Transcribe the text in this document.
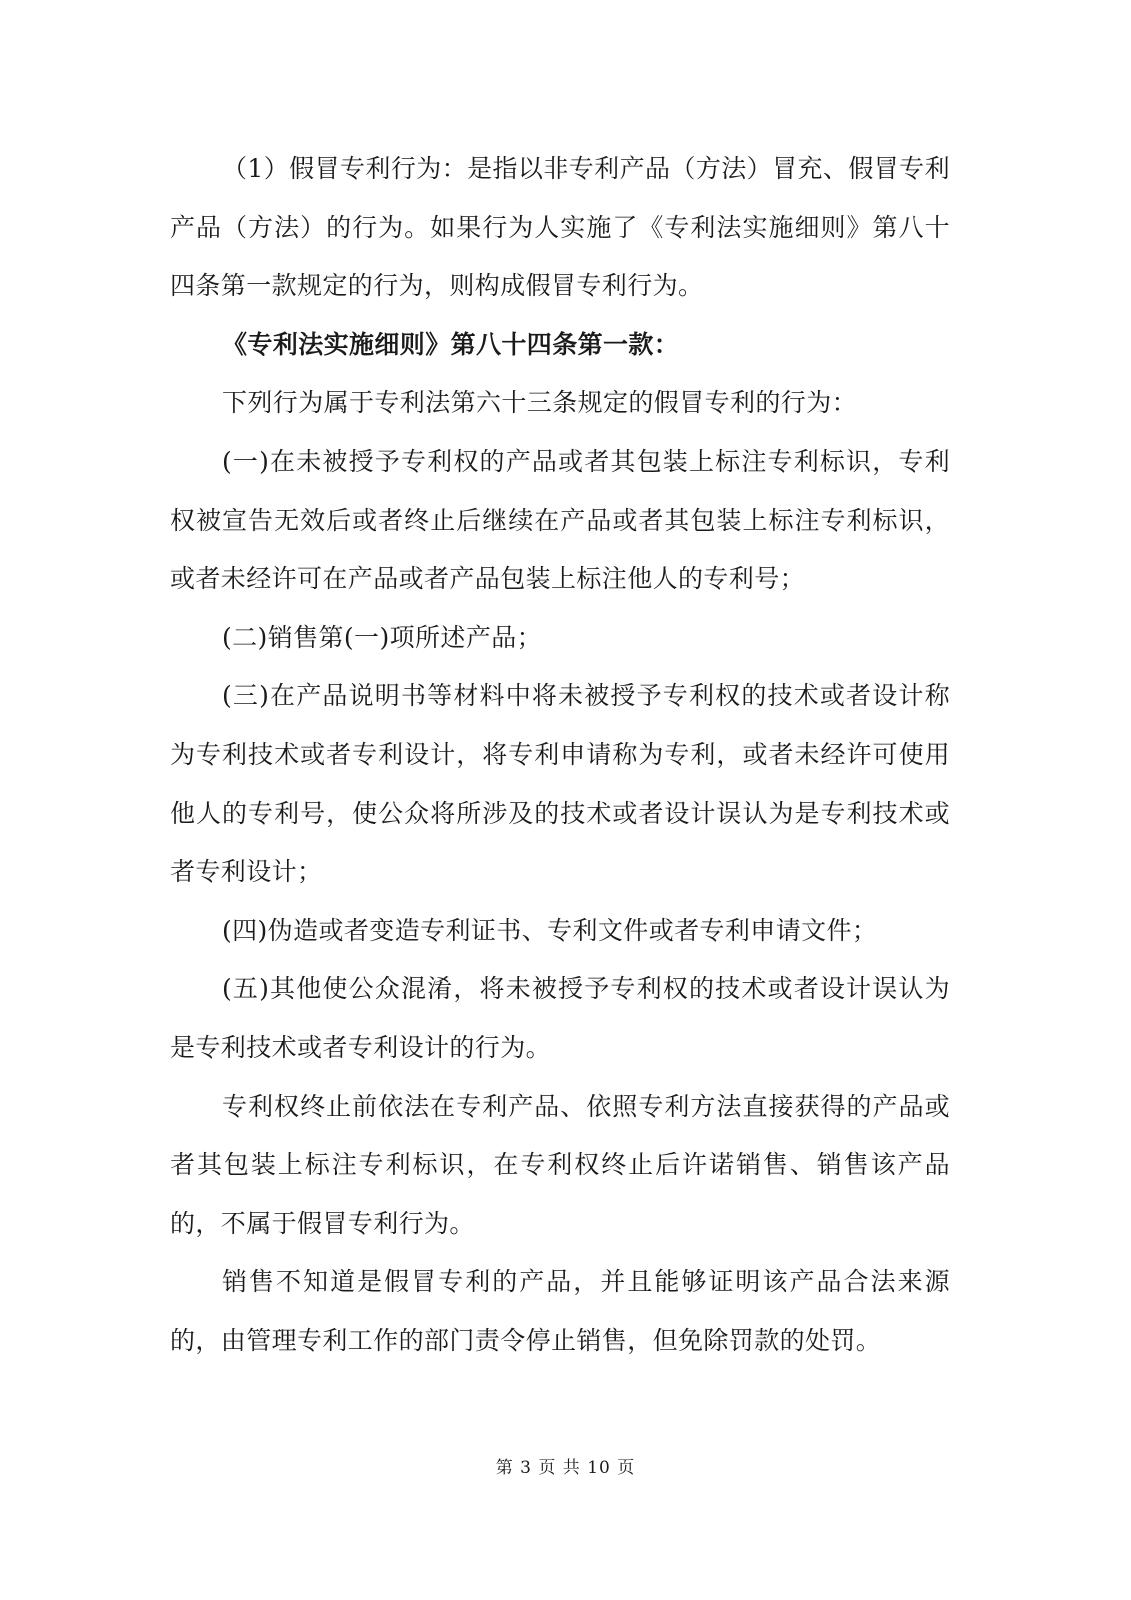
（1）假冒专利行为：是指以非专利产品（方法）冒充、假冒专利产品（方法）的行为。如果行为人实施了《专利法实施细则》第八十四条第一款规定的行为，则构成假冒专利行为。

《专利法实施细则》第八十四条第一款：

下列行为属于专利法第六十三条规定的假冒专利的行为：

(一)在未被授予专利权的产品或者其包装上标注专利标识，专利权被宣告无效后或者终止后继续在产品或者其包装上标注专利标识，或者未经许可在产品或者产品包装上标注他人的专利号；

(二)销售第(一)项所述产品；

(三)在产品说明书等材料中将未被授予专利权的技术或者设计称为专利技术或者专利设计，将专利申请称为专利，或者未经许可使用他人的专利号，使公众将所涉及的技术或者设计误认为是专利技术或者专利设计；

(四)伪造或者变造专利证书、专利文件或者专利申请文件；

(五)其他使公众混淆，将未被授予专利权的技术或者设计误认为是专利技术或者专利设计的行为。

专利权终止前依法在专利产品、依照专利方法直接获得的产品或者其包装上标注专利标识，在专利权终止后许诺销售、销售该产品的，不属于假冒专利行为。

销售不知道是假冒专利的产品，并且能够证明该产品合法来源的，由管理专利工作的部门责令停止销售，但免除罚款的处罚。

第 3 页 共 10 页
